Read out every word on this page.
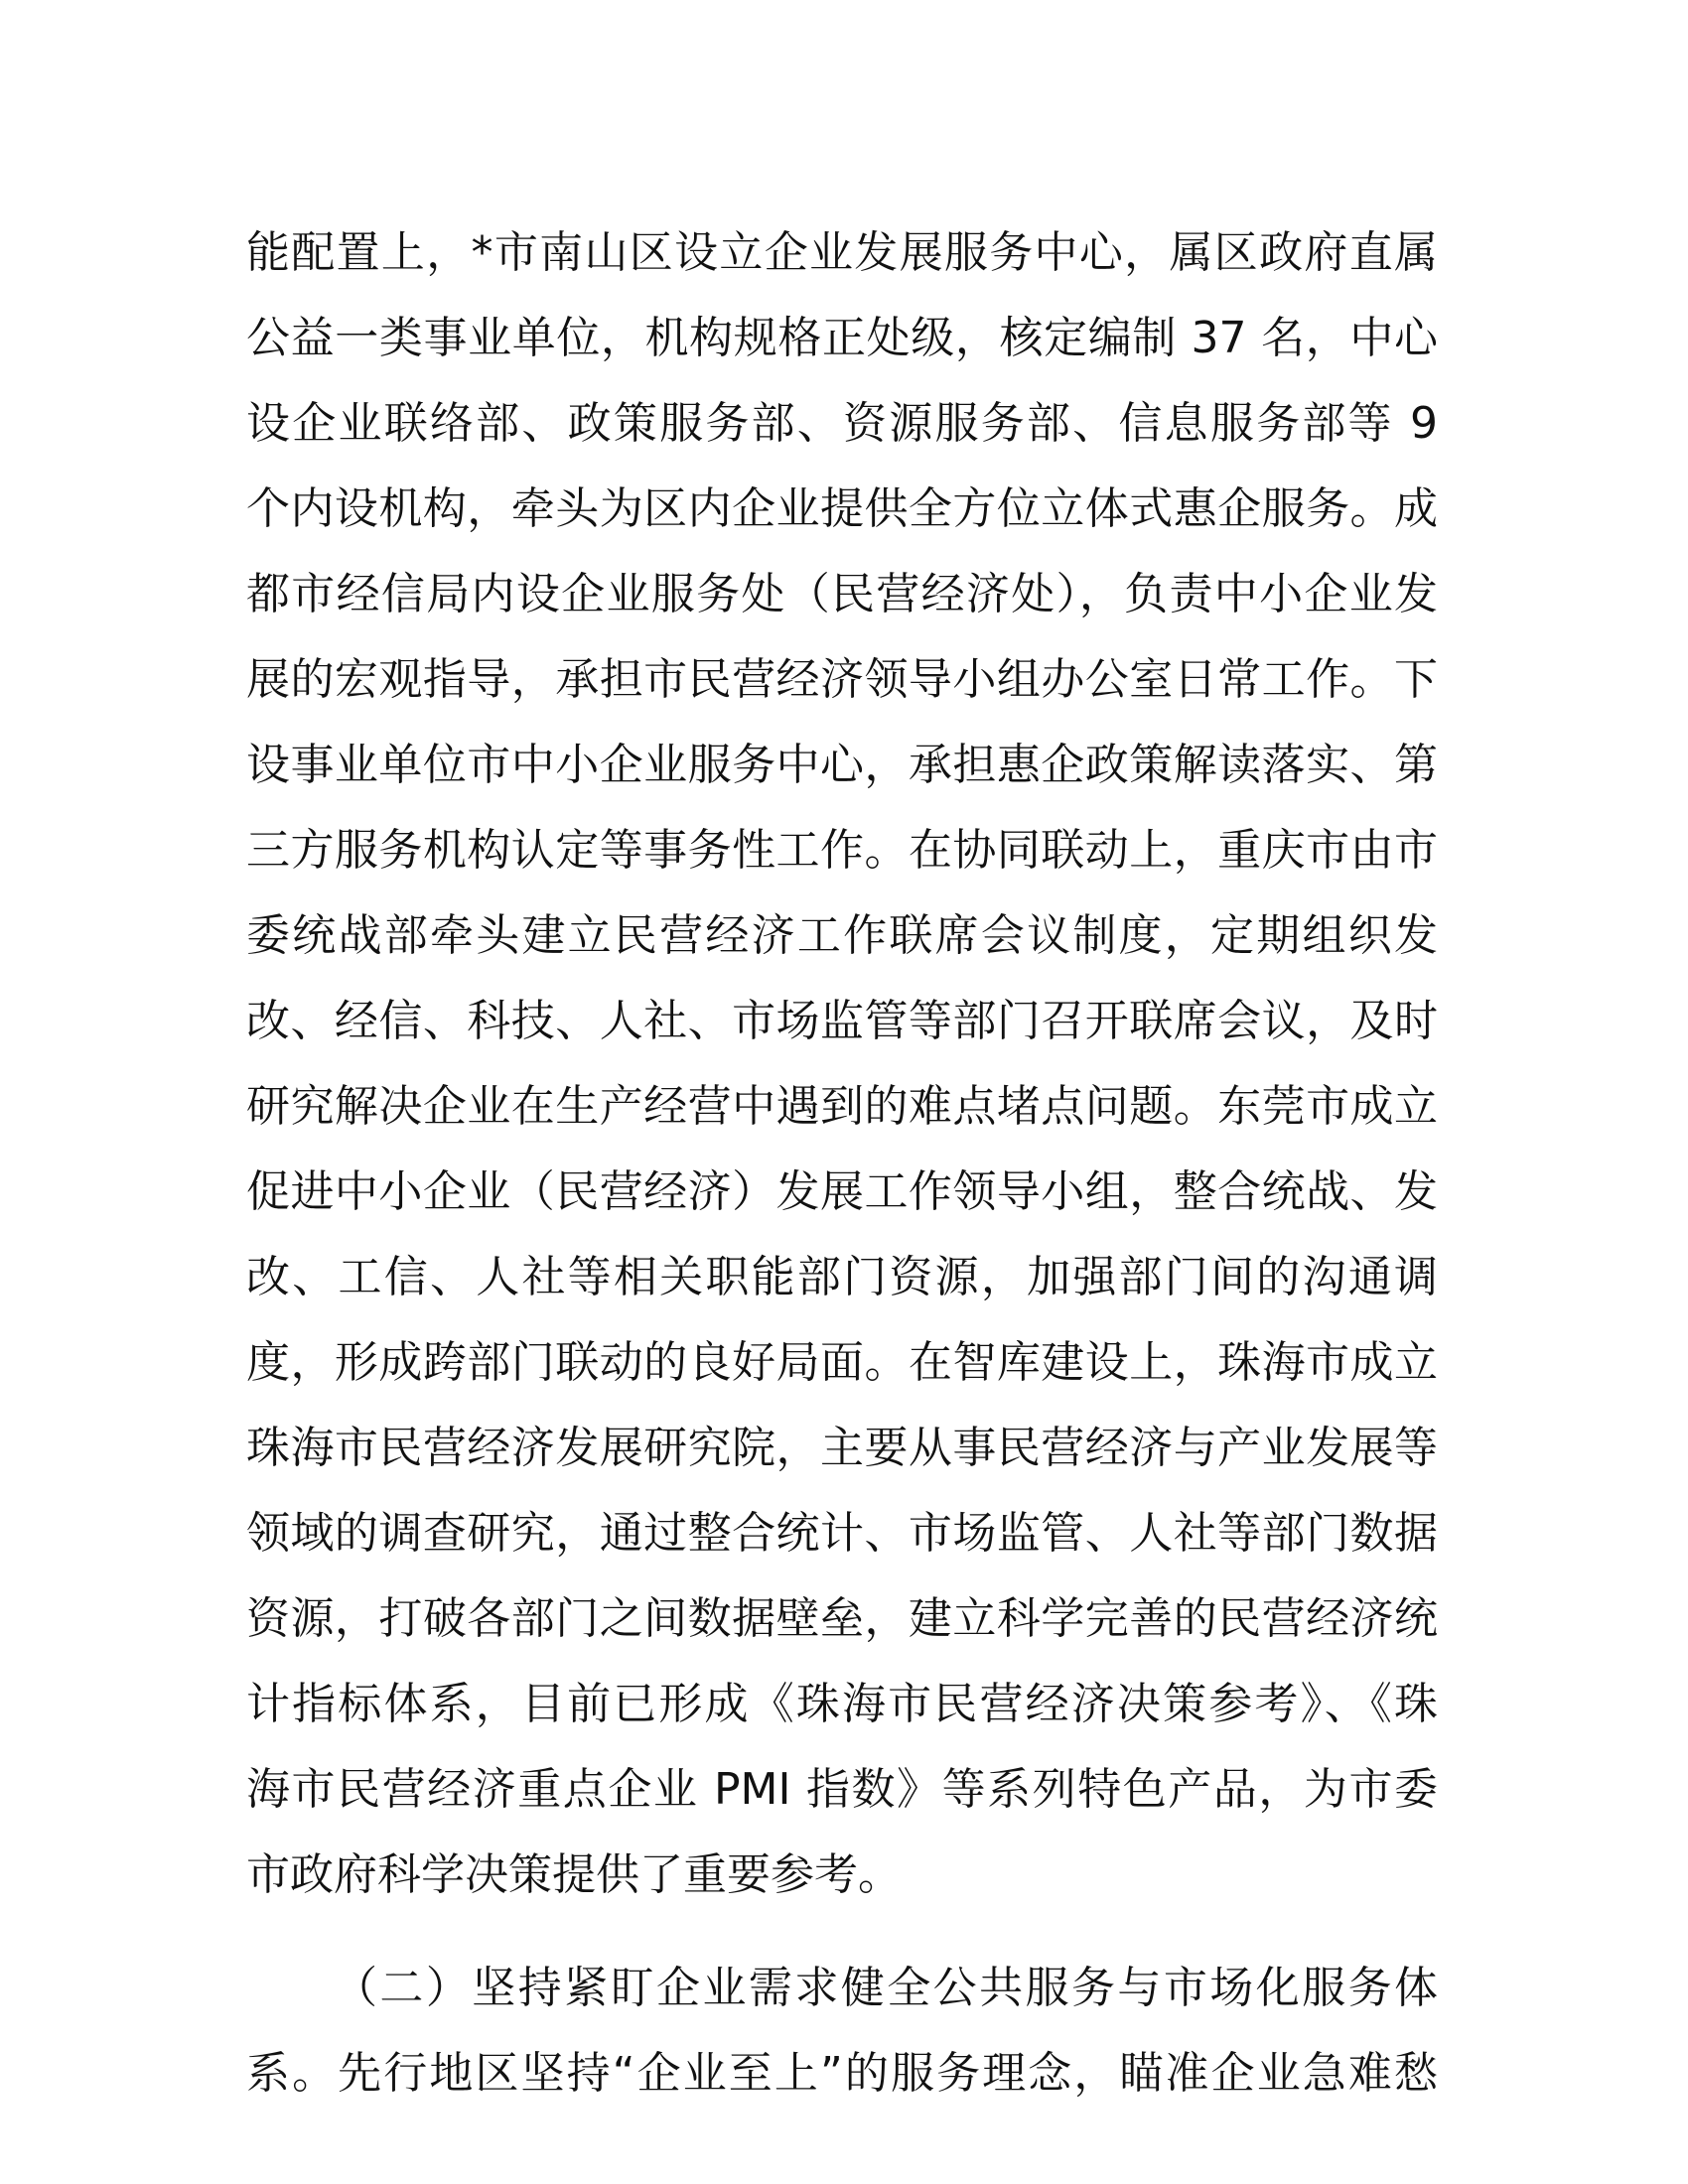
能配置上，*市南山区设立企业发展服务中心，属区政府直属
公益一类事业单位，机构规格正处级，核定编制 37 名，中心
设企业联络部、政策服务部、资源服务部、信息服务部等 9
个内设机构，牵头为区内企业提供全方位立体式惠企服务。成
都市经信局内设企业服务处（民营经济处），负责中小企业发
展的宏观指导，承担市民营经济领导小组办公室日常工作。下
设事业单位市中小企业服务中心，承担惠企政策解读落实、第
三方服务机构认定等事务性工作。在协同联动上，重庆市由市
委统战部牵头建立民营经济工作联席会议制度，定期组织发
改、经信、科技、人社、市场监管等部门召开联席会议，及时
研究解决企业在生产经营中遇到的难点堵点问题。东莞市成立
促进中小企业（民营经济）发展工作领导小组，整合统战、发
改、工信、人社等相关职能部门资源，加强部门间的沟通调
度，形成跨部门联动的良好局面。在智库建设上，珠海市成立
珠海市民营经济发展研究院，主要从事民营经济与产业发展等
领域的调查研究，通过整合统计、市场监管、人社等部门数据
资源，打破各部门之间数据壁垒，建立科学完善的民营经济统
计指标体系，目前已形成《珠海市民营经济决策参考》、《珠
海市民营经济重点企业 PMI 指数》等系列特色产品，为市委
市政府科学决策提供了重要参考。
（二）坚持紧盯企业需求健全公共服务与市场化服务体
系。先行地区坚持“企业至上”的服务理念，瞄准企业急难愁
